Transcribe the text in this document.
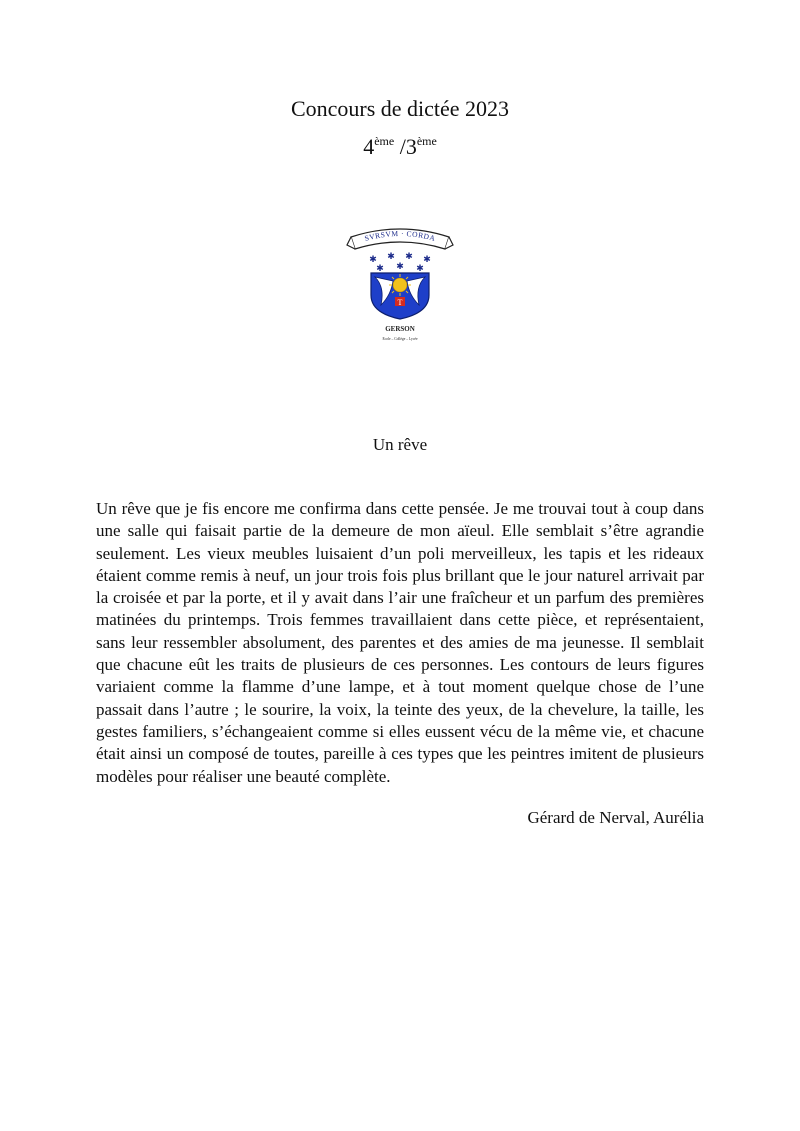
Concours de dictée 2023
4ème /3ème
SVRSVM · CORDA
✱ ✱ ✱ ✱
✱ ✱ ✱
T
GERSON
Ecole – Collège – Lycée
Un rêve

Un rêve que je fis encore me confirma dans cette pensée. Je me trouvai tout à coup dans une salle qui faisait partie de la demeure de mon aïeul. Elle semblait s’être agrandie seulement. Les vieux meubles luisaient d’un poli merveilleux, les tapis et les rideaux étaient comme remis à neuf, un jour trois fois plus brillant que le jour naturel arrivait par la croisée et par la porte, et il y avait dans l’air une fraîcheur et un parfum des premières matinées du printemps. Trois femmes travaillaient dans cette pièce, et représentaient, sans leur ressembler absolument, des parentes et des amies de ma jeunesse. Il semblait que chacune eût les traits de plusieurs de ces personnes. Les contours de leurs figures variaient comme la flamme d’une lampe, et à tout moment quelque chose de l’une passait dans l’autre ; le sourire, la voix, la teinte des yeux, de la chevelure, la taille, les gestes familiers, s’échangeaient comme si elles eussent vécu de la même vie, et chacune était ainsi un composé de toutes, pareille à ces types que les peintres imitent de plusieurs modèles pour réaliser une beauté complète.

Gérard de Nerval, Aurélia
